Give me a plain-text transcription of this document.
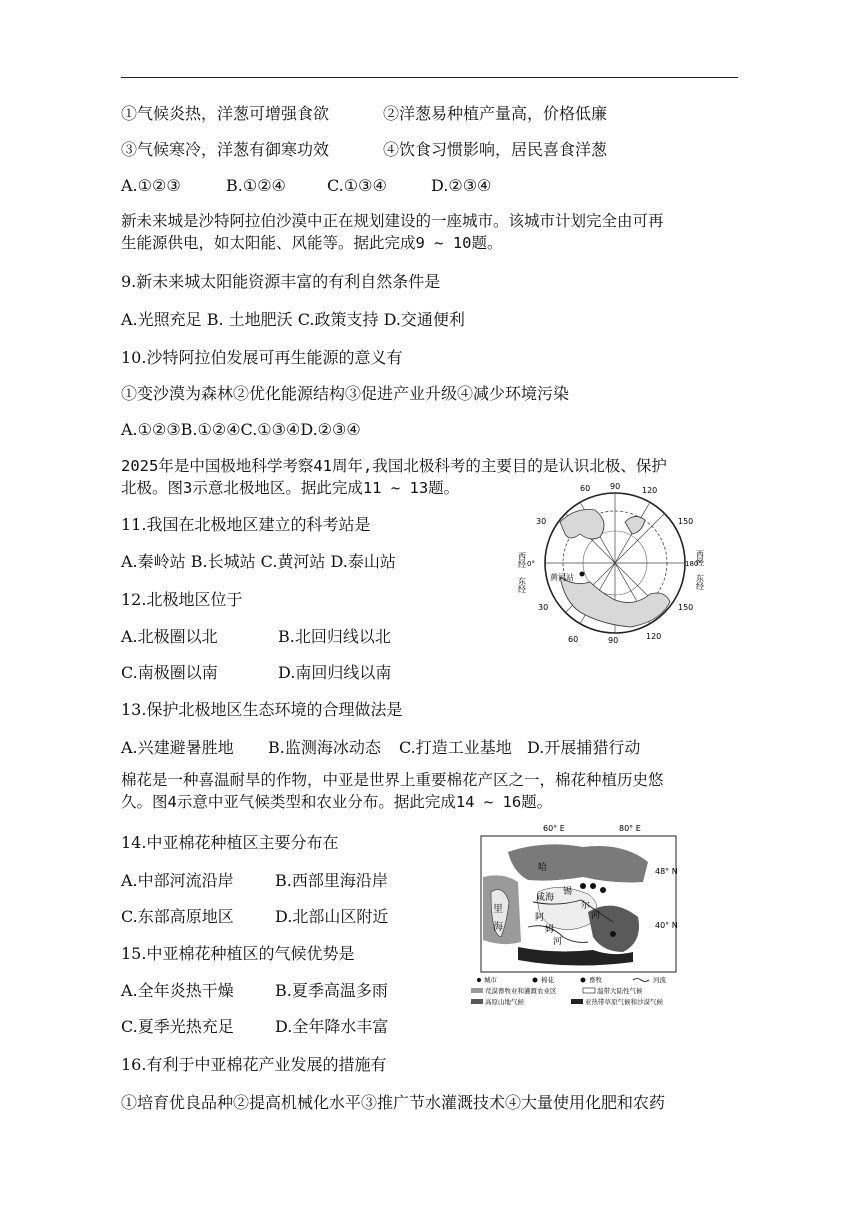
①气候炎热，洋葱可增强食欲	②洋葱易种植产量高，价格低廉
③气候寒冷，洋葱有御寒功效	④饮食习惯影响，居民喜食洋葱
A.①②③	B.①②④	C.①③④	D.②③④
新未来城是沙特阿拉伯沙漠中正在规划建设的一座城市。该城市计划完全由可再
生能源供电，如太阳能、风能等。据此完成9 ~ 10题。
9.新未来城太阳能资源丰富的有利自然条件是
A.光照充足 B. 土地肥沃 C.政策支持 D.交通便利
10.沙特阿拉伯发展可再生能源的意义有
①变沙漠为森林②优化能源结构③促进产业升级④减少环境污染
A.①②③B.①②④C.①③④D.②③④
2025年是中国极地科学考察41周年,我国北极科考的主要目的是认识北极、保护
北极。图3示意北极地区。据此完成11 ~ 13题。
11.我国在北极地区建立的科考站是
A.秦岭站 B.长城站 C.黄河站 D.泰山站
12.北极地区位于
A.北极圈以北	B.北回归线以北
C.南极圈以南	D.南回归线以南
13.保护北极地区生态环境的合理做法是
A.兴建避暑胜地 B.监测海冰动态 C.打造工业基地 D.开展捕猎行动
棉花是一种喜温耐旱的作物，中亚是世界上重要棉花产区之一，棉花种植历史悠
久。图4示意中亚气候类型和农业分布。据此完成14 ~ 16题。
14.中亚棉花种植区主要分布在
A.中部河流沿岸	B.西部里海沿岸
C.东部高原地区	D.北部山区附近
15.中亚棉花种植区的气候优势是
A.全年炎热干燥	B.夏季高温多雨
C.夏季光热充足	D.全年降水丰富
16.有利于中亚棉花产业发展的措施有
①培育优良品种②提高机械化水平③推广节水灌溉技术④大量使用化肥和农药
60 90	120
30
30
150
150
60	90	120
西经 0°
东经
西经
180°
东经
黄河站
60° E	80° E
48° N
40° N
里
海
哈
咸海
锡
尔
河
阿
姆
河
城市	棉花	畜牧	河流
荒漠畜牧业和灌溉农业区	温带大陆性气候
高原山地气候	亚热带草原气候和沙漠气候
